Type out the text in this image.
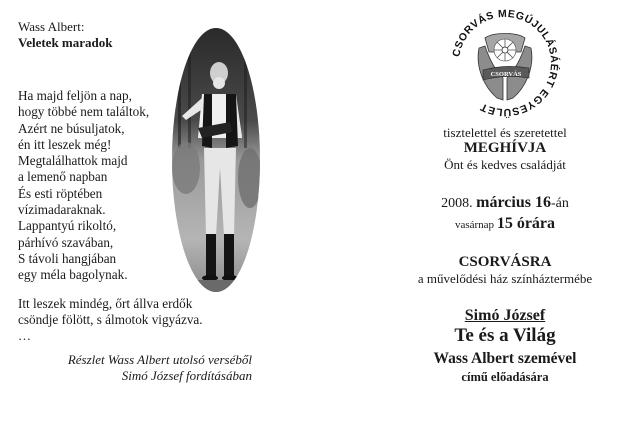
Wass Albert:
Veletek maradok
Ha majd feljön a nap,
hogy többé nem találtok,
Azért ne búsuljatok,
én itt leszek még!
Megtalálhattok majd
a lemenő napban
És esti röptében
vízimadaraknak.
Lappantyú rikoltó,
párhívó szavában,
S távoli hangjában
egy méla bagolynak.
Itt leszek mindég, őrt állva erdők
csöndje fölött, s álmotok vigyázva.
…
Részlet Wass Albert utolsó verséből
Simó József fordításában
CSORVÁS
CSORVÁS MEGÚJULÁSÁÉRT EGYESÜLET
tisztelettel és szeretettel
MEGHÍVJA
Önt és kedves családját
2008. március 16-án
vasárnap 15 órára
CSORVÁSRA
a művelődési ház színháztermébe
Simó József
Te és a Világ
Wass Albert szemével
című előadására
